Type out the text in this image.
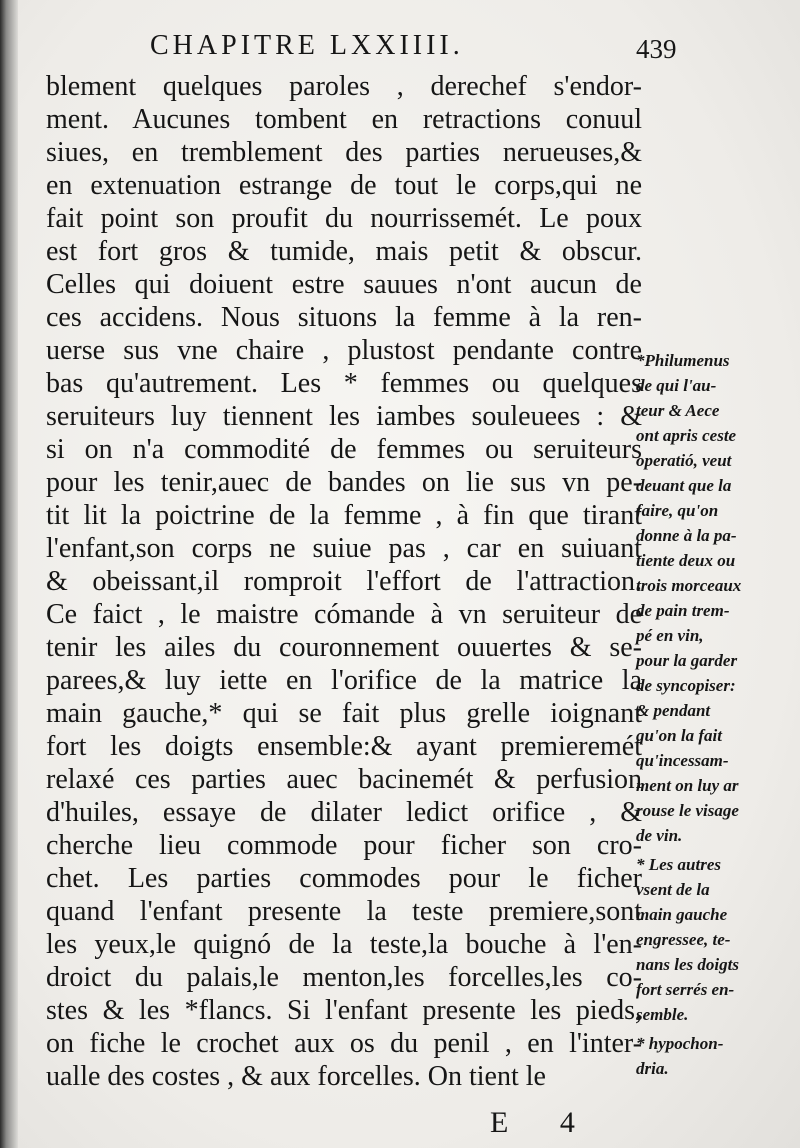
CHAPITRE LXXIIII.	439
blement quelques paroles , derechef s'endor-
ment. Aucunes tombent en retractions conuul
siues, en tremblement des parties nerueuses,&
en extenuation estrange de tout le corps,qui ne
fait point son proufit du nourrissemét. Le poux
est fort gros & tumide, mais petit & obscur.
Celles qui doiuent estre sauues n'ont aucun de
ces accidens. Nous situons la femme à la ren-
uerse sus vne chaire , plustost pendante contre
bas qu'autrement. Les * femmes ou quelques
seruiteurs luy tiennent les iambes souleuees : &
si on n'a commodité de femmes ou seruiteurs
pour les tenir,auec de bandes on lie sus vn pe-
tit lit la poictrine de la femme , à fin que tirant
l'enfant,son corps ne suiue pas , car en suiuant
& obeissant,il romproit l'effort de l'attraction.
Ce faict , le maistre cómande à vn seruiteur de
tenir les ailes du couronnement ouuertes & se-
parees,& luy iette en l'orifice de la matrice la
main gauche,* qui se fait plus grelle ioignant
fort les doigts ensemble:& ayant premieremét
relaxé ces parties auec bacinemét & perfusion
d'huiles, essaye de dilater ledict orifice , &
cherche lieu commode pour ficher son cro-
chet. Les parties commodes pour le ficher
quand l'enfant presente la teste premiere,sont
les yeux,le quignó de la teste,la bouche à l'en-
droict du palais,le menton,les forcelles,les co-
stes & les *flancs. Si l'enfant presente les pieds,
on fiche le crochet aux os du penil , en l'inter-
ualle des costes , & aux forcelles. On tient le
*Philumenus
de qui l'au-
teur & Aece
ont apris ceste
operatió, veut
deuant que la
faire, qu'on
donne à la pa-
tiente deux ou
trois morceaux
de pain trem-
pé en vin,
pour la garder
de syncopiser:
& pendant
qu'on la fait
qu'incessam-
ment on luy ar
rouse le visage
de vin.
* Les autres
vsent de la
main gauche
engressee, te-
nans les doigts
fort serrés en-
semble.
* hypochon-
dria.
E 4
